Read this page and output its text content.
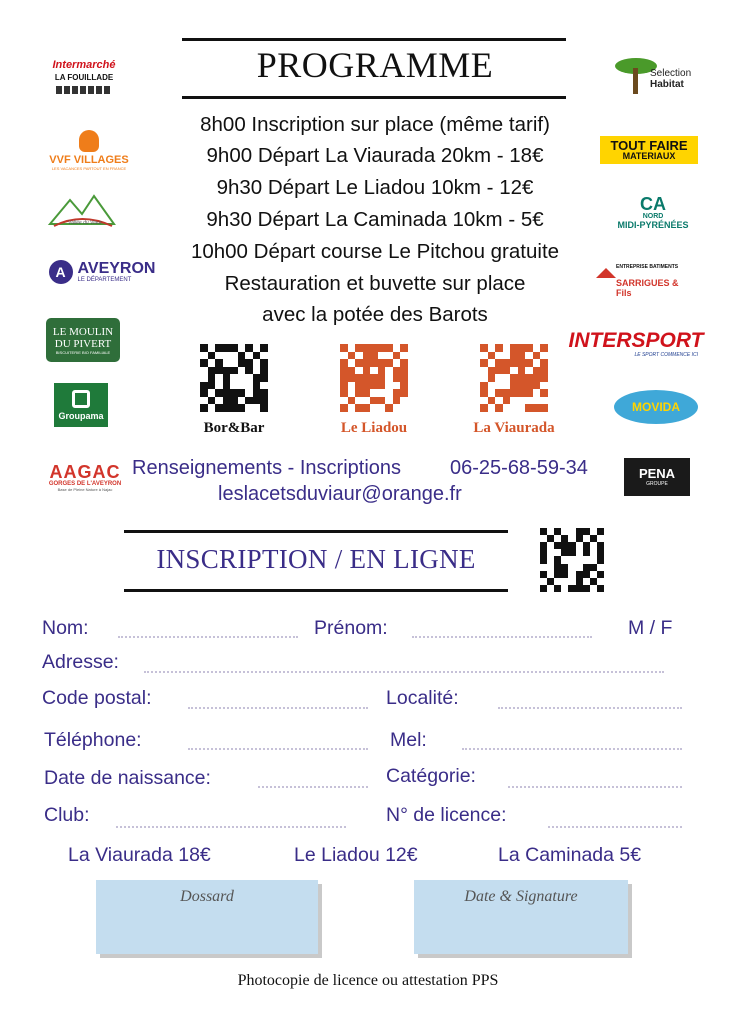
PROGRAMME
8h00 Inscription sur place (même tarif)
9h00 Départ La Viaurada 20km - 18€
9h30 Départ Le Liadou 10km - 12€
9h30 Départ La Caminada 10km - 5€
10h00 Départ course Le Pitchou gratuite
Restauration et buvette sur place
avec la potée des Barots
Intermarché
LA FOUILLADE
VVF VILLAGES
LES VACANCES PARTOUT EN FRANCE
Vallée du Viaur
A AVEYRON
LE DÉPARTEMENT
LE MOULIN
DU PIVERT
BISCUITERIE BIO FAMILIALE
Groupama
AAGAC
GORGES DE L'AVEYRON
Base de Pleine Nature à Najac
Selection
Habitat
TOUT FAIRE
MATERIAUX
CA
NORD
MIDI-PYRÉNÉES
ENTREPRISE BATIMENTS
SARRIGUES & Fils
INTERSPORT
LE SPORT COMMENCE ICI
MOVIDA
PENA
GROUPE
Bor&Bar	Le Liadou	La Viaurada
Renseignements - Inscriptions 06-25-68-59-34
leslacetsduviaur@orange.fr
INSCRIPTION / EN LIGNE
Nom:	Prénom:	M / F
Adresse:
Code postal:	Localité:
Téléphone:	Mel:
Date de naissance:	Catégorie:
Club:	N° de licence:
La Viaurada 18€	Le Liadou 12€	La Caminada 5€
Dossard	Date & Signature
Photocopie de licence ou attestation PPS
